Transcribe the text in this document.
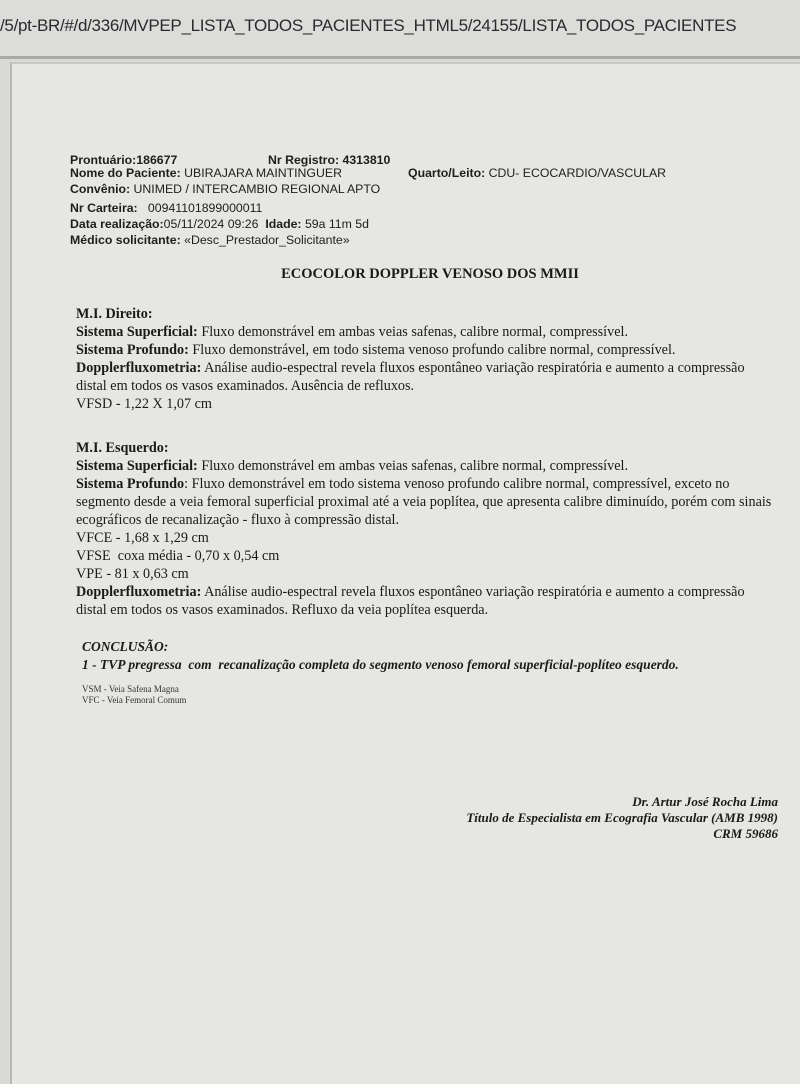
/5/pt-BR/#/d/336/MVPEP_LISTA_TODOS_PACIENTES_HTML5/24155/LISTA_TODOS_PACIENTES
Prontuário:186677	Nr Registro: 4313810
Nome do Paciente: UBIRAJARA MAINTINGUER	Quarto/Leito: CDU- ECOCARDIO/VASCULAR
Convênio: UNIMED / INTERCAMBIO REGIONAL APTO
Nr Carteira: 00941101899000011
Data realização:05/11/2024 09:26 Idade: 59a 11m 5d
Médico solicitante: «Desc_Prestador_Solicitante»
ECOCOLOR DOPPLER VENOSO DOS MMII

M.I. Direito:

Sistema Superficial: Fluxo demonstrável em ambas veias safenas, calibre normal, compressível.

Sistema Profundo: Fluxo demonstrável, em todo sistema venoso profundo calibre normal, compressível.

Dopplerfluxometria: Análise audio-espectral revela fluxos espontâneo variação respiratória e aumento a compressão distal em todos os vasos examinados. Ausência de refluxos.

VFSD - 1,22 X 1,07 cm

M.I. Esquerdo:

Sistema Superficial: Fluxo demonstrável em ambas veias safenas, calibre normal, compressível.

Sistema Profundo: Fluxo demonstrável em todo sistema venoso profundo calibre normal, compressível, exceto no segmento desde a veia femoral superficial proximal até a veia poplítea, que apresenta calibre diminuído, porém com sinais ecográficos de recanalização - fluxo à compressão distal.

VFCE - 1,68 x 1,29 cm

VFSE  coxa média - 0,70 x 0,54 cm

VPE - 81 x 0,63 cm

Dopplerfluxometria: Análise audio-espectral revela fluxos espontâneo variação respiratória e aumento a compressão distal em todos os vasos examinados. Refluxo da veia poplítea esquerda.

CONCLUSÃO:
1 - TVP pregressa  com  recanalização completa do segmento venoso femoral superficial-poplíteo esquerdo.
VSM - Veia Safena Magna
VFC - Veia Femoral Comum
Dr. Artur José Rocha Lima
Título de Especialista em Ecografia Vascular (AMB 1998)
CRM 59686
